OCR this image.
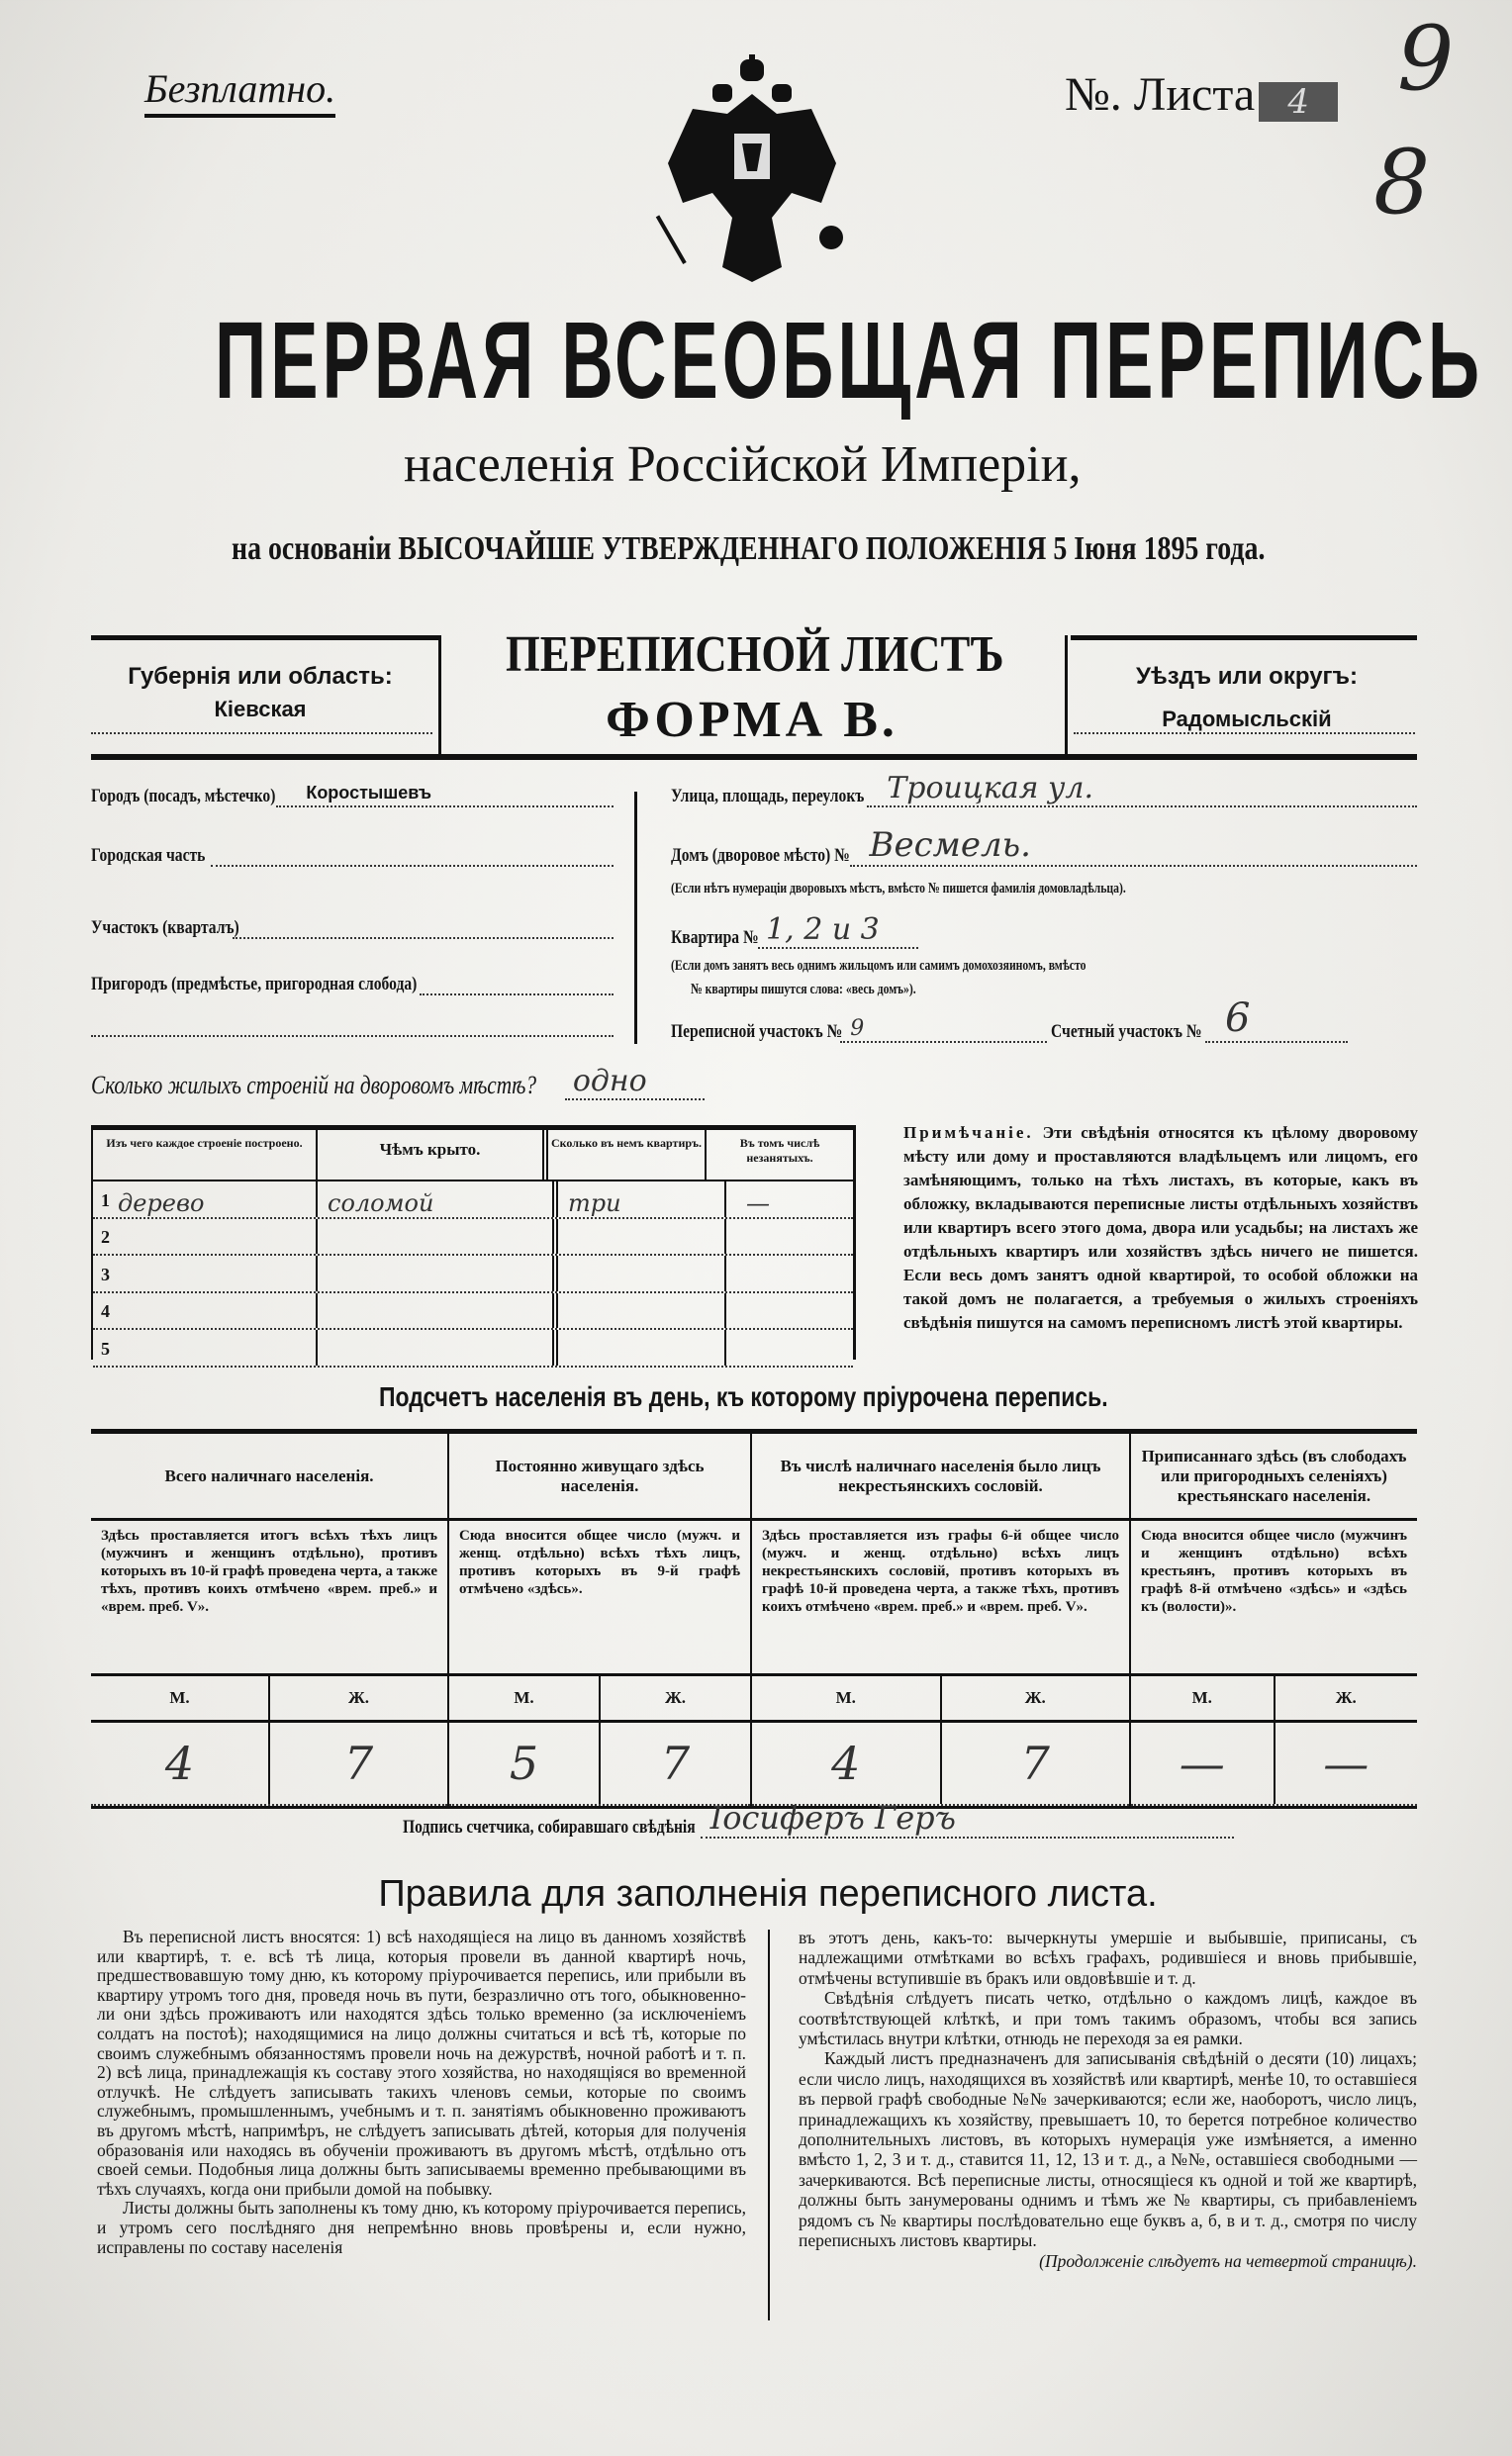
Безплатно.	№. Листа 4 9
8
ПЕРВАЯ ВСЕОБЩАЯ ПЕРЕПИСЬ
населенія Россійской Имперіи,
на основаніи ВЫСОЧАЙШЕ УТВЕРЖДЕННАГО ПОЛОЖЕНІЯ 5 Іюня 1895 года.
Губернія или область:
Кіевская
ПЕРЕПИСНОЙ ЛИСТЪ
ФОРМА В.
Уѣздъ или округъ:
Радомысльскій
Городъ (посадъ, мѣстечко) Коростышевъ
Городская часть
Участокъ (кварталъ)
Пригородъ (предмѣстье, пригородная слобода)
Улица, площадь, переулокъ Троицкая ул.
Домъ (дворовое мѣсто) № Весмель.
(Если нѣтъ нумераціи дворовыхъ мѣстъ, вмѣсто № пишется фамилія домовладѣльца).
Квартира № 1, 2 и 3
(Если домъ занятъ весь однимъ жильцомъ или самимъ домохозяиномъ, вмѣсто
№ квартиры пишутся слова: «весь домъ»).
Переписной участокъ № 9	Счетный участокъ № 6
Сколько жилыхъ строеній на дворовомъ мѣстѣ? одно
Изъ чего каждое строеніе построено.	Чѣмъ крыто.	Сколько въ немъ квартиръ.	Въ томъ числѣ незанятыхъ.
1 дерево	соломой	три	—
2
3
4
5
Примѣчаніе. Эти свѣдѣнія относятся къ цѣлому дворовому мѣсту или дому и проставляются владѣльцемъ или лицомъ, его замѣняющимъ, только на тѣхъ листахъ, въ которые, какъ въ обложку, вкладываются переписные листы отдѣльныхъ хозяйствъ или квартиръ всего этого дома, двора или усадьбы; на листахъ же отдѣльныхъ квартиръ или хозяйствъ здѣсь ничего не пишется. Если весь домъ занятъ одной квартирой, то особой обложки на такой домъ не полагается, а требуемыя о жилыхъ строеніяхъ свѣдѣнія пишутся на самомъ переписномъ листѣ этой квартиры.
Подсчетъ населенія въ день, къ которому пріурочена перепись.
Всего наличнаго населенія.
Здѣсь проставляется итогъ всѣхъ тѣхъ лицъ (мужчинъ и женщинъ отдѣльно), противъ которыхъ въ 10-й графѣ проведена черта, а также тѣхъ, противъ коихъ отмѣчено «врем. преб.» и «врем. преб. V».
М.	Ж.
4	7
Постоянно живущаго здѣсь населенія.
Сюда вносится общее число (мужч. и женщ. отдѣльно) всѣхъ тѣхъ лицъ, противъ которыхъ въ 9-й графѣ отмѣчено «здѣсь».
М.	Ж.
5	7
Въ числѣ наличнаго населенія было лицъ некрестьянскихъ сословій.
Здѣсь проставляется изъ графы 6-й общее число (мужч. и женщ. отдѣльно) всѣхъ лицъ некрестьянскихъ сословій, противъ которыхъ въ графѣ 10-й проведена черта, а также тѣхъ, противъ коихъ отмѣчено «врем. преб.» и «врем. преб. V».
М.	Ж.
4	7
Приписаннаго здѣсь (въ слободахъ или пригородныхъ селеніяхъ) крестьянскаго населенія.
Сюда вносится общее число (мужчинъ и женщинъ отдѣльно) всѣхъ крестьянъ, противъ которыхъ въ графѣ 8-й отмѣчено «здѣсь» и «здѣсь къ (волости)».
М.	Ж.
—	—
Подпись счетчика, собиравшаго свѣдѣнія Іосиферъ Геръ
Правила для заполненія переписного листа.

Въ переписной листъ вносятся: 1) всѣ находящіеся на лицо въ данномъ хозяйствѣ или квартирѣ, т. е. всѣ тѣ лица, которыя провели въ данной квартирѣ ночь, предшествовавшую тому дню, къ которому пріурочивается перепись, или прибыли въ квартиру утромъ того дня, проведя ночь въ пути, безразлично отъ того, обыкновенно-ли они здѣсь проживаютъ или находятся здѣсь только временно (за исключеніемъ солдатъ на постоѣ); находящимися на лицо должны считаться и всѣ тѣ, которые по своимъ служебнымъ обязанностямъ провели ночь на дежурствѣ, ночной работѣ и т. п. 2) всѣ лица, принадлежащія къ составу этого хозяйства, но находящіяся во временной отлучкѣ. Не слѣдуетъ записывать такихъ членовъ семьи, которые по своимъ служебнымъ, промышленнымъ, учебнымъ и т. п. занятіямъ обыкновенно проживаютъ въ другомъ мѣстѣ, напримѣръ, не слѣдуетъ записывать дѣтей, которыя для полученія образованія или находясь въ обученіи проживаютъ въ другомъ мѣстѣ, отдѣльно отъ своей семьи. Подобныя лица должны быть записываемы временно пребывающими въ тѣхъ случаяхъ, когда они прибыли домой на побывку.

Листы должны быть заполнены къ тому дню, къ которому пріурочивается перепись, и утромъ сего послѣдняго дня непремѣнно вновь провѣрены и, если нужно, исправлены по составу населенія

въ этотъ день, какъ-то: вычеркнуты умершіе и выбывшіе, приписаны, съ надлежащими отмѣтками во всѣхъ графахъ, родившіеся и вновь прибывшіе, отмѣчены вступившіе въ бракъ или овдовѣвшіе и т. д.

Свѣдѣнія слѣдуетъ писать четко, отдѣльно о каждомъ лицѣ, каждое въ соотвѣтствующей клѣткѣ, и при томъ такимъ образомъ, чтобы вся запись умѣстилась внутри клѣтки, отнюдь не переходя за ея рамки.

Каждый листъ предназначенъ для записыванія свѣдѣній о десяти (10) лицахъ; если число лицъ, находящихся въ хозяйствѣ или квартирѣ, менѣе 10, то оставшіеся въ первой графѣ свободные №№ зачеркиваются; если же, наоборотъ, число лицъ, принадлежащихъ къ хозяйству, превышаетъ 10, то берется потребное количество дополнительныхъ листовъ, въ которыхъ нумерація уже измѣняется, а именно вмѣсто 1, 2, 3 и т. д., ставится 11, 12, 13 и т. д., а №№, оставшіеся свободными — зачеркиваются. Всѣ переписные листы, относящіеся къ одной и той же квартирѣ, должны быть занумерованы однимъ и тѣмъ же № квартиры, съ прибавленіемъ рядомъ съ № квартиры послѣдовательно еще буквъ а, б, в и т. д., смотря по числу переписныхъ листовъ квартиры.

(Продолженіе слѣдуетъ на четвертой страницѣ).
